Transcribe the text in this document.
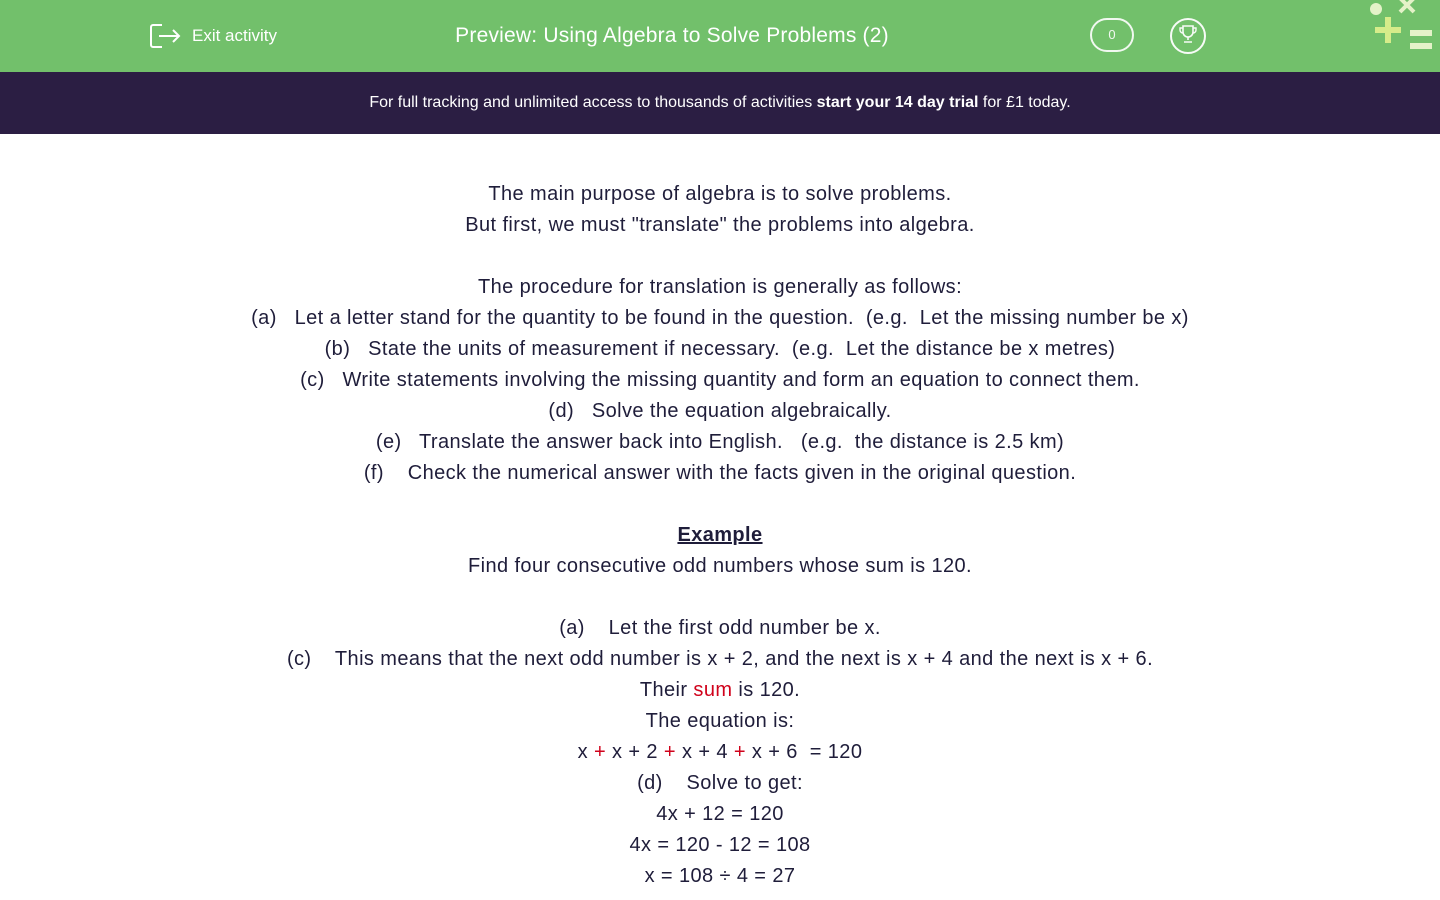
Exit activity	Preview: Using Algebra to Solve Problems (2)	0
For full tracking and unlimited access to thousands of activities start your 14 day trial for £1 today.

The main purpose of algebra is to solve problems.

But first, we must "translate" the problems into algebra.

The procedure for translation is generally as follows:

(a)   Let a letter stand for the quantity to be found in the question.  (e.g.  Let the missing number be x)

(b)   State the units of measurement if necessary.  (e.g.  Let the distance be x metres)

(c)   Write statements involving the missing quantity and form an equation to connect them.

(d)   Solve the equation algebraically.

(e)   Translate the answer back into English.   (e.g.  the distance is 2.5 km)

(f)    Check the numerical answer with the facts given in the original question.

Example

Find four consecutive odd numbers whose sum is 120.

(a)    Let the first odd number be x.

(c)    This means that the next odd number is x + 2, and the next is x + 4 and the next is x + 6.

Their sum is 120.

The equation is:

x + x + 2 + x + 4 + x + 6  = 120

(d)    Solve to get:

4x + 12 = 120

4x = 120 - 12 = 108

x = 108 ÷ 4 = 27
